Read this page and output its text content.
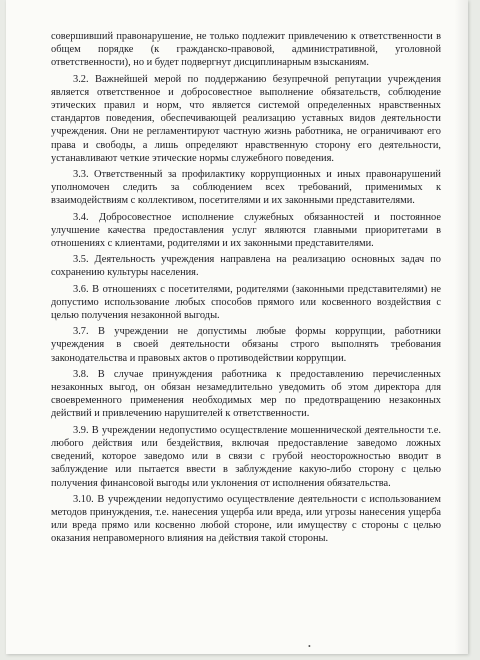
совершивший правонарушение, не только подлежит привлечению к ответственности в общем порядке (к гражданско-правовой, административной, уголовной ответственности), но и будет подвергнут дисциплинарным взысканиям.

3.2. Важнейшей мерой по поддержанию безупречной репутации учреждения является ответственное и добросовестное выполнение обязательств, соблюдение этических правил и норм, что является системой определенных нравственных стандартов поведения, обеспечивающей реализацию уставных видов деятельности учреждения. Они не регламентируют частную жизнь работника, не ограничивают его права и свободы, а лишь определяют нравственную сторону его деятельности, устанавливают четкие этические нормы служебного поведения.

3.3. Ответственный за профилактику коррупционных и иных правонарушений уполномочен следить за соблюдением всех требований, применимых к взаимодействиям с коллективом, посетителями и их законными представителями.

3.4. Добросовестное исполнение служебных обязанностей и постоянное улучшение качества предоставления услуг являются главными приоритетами в отношениях с клиентами, родителями и их законными представителями.

3.5. Деятельность учреждения направлена на реализацию основных задач по сохранению культуры населения.

3.6. В отношениях с посетителями, родителями (законными представителями) не допустимо использование любых способов прямого или косвенного воздействия с целью получения незаконной выгоды.

3.7. В учреждении не допустимы любые формы коррупции, работники учреждения в своей деятельности обязаны строго выполнять требования законодательства и правовых актов о противодействии коррупции.

3.8. В случае принуждения работника к предоставлению перечисленных незаконных выгод, он обязан незамедлительно уведомить об этом директора для своевременного применения необходимых мер по предотвращению незаконных действий и привлечению нарушителей к ответственности.

3.9. В учреждении недопустимо осуществление мошеннической деятельности т.е. любого действия или бездействия, включая предоставление заведомо ложных сведений, которое заведомо или в связи с грубой неосторожностью вводит в заблуждение или пытается ввести в заблуждение какую-либо сторону с целью получения финансовой выгоды или уклонения от исполнения обязательства.

3.10. В учреждении недопустимо осуществление деятельности с использованием методов принуждения, т.е. нанесения ущерба или вреда, или угрозы нанесения ущерба или вреда прямо или косвенно любой стороне, или имуществу с стороны с целью оказания неправомерного влияния на действия такой стороны.

•
